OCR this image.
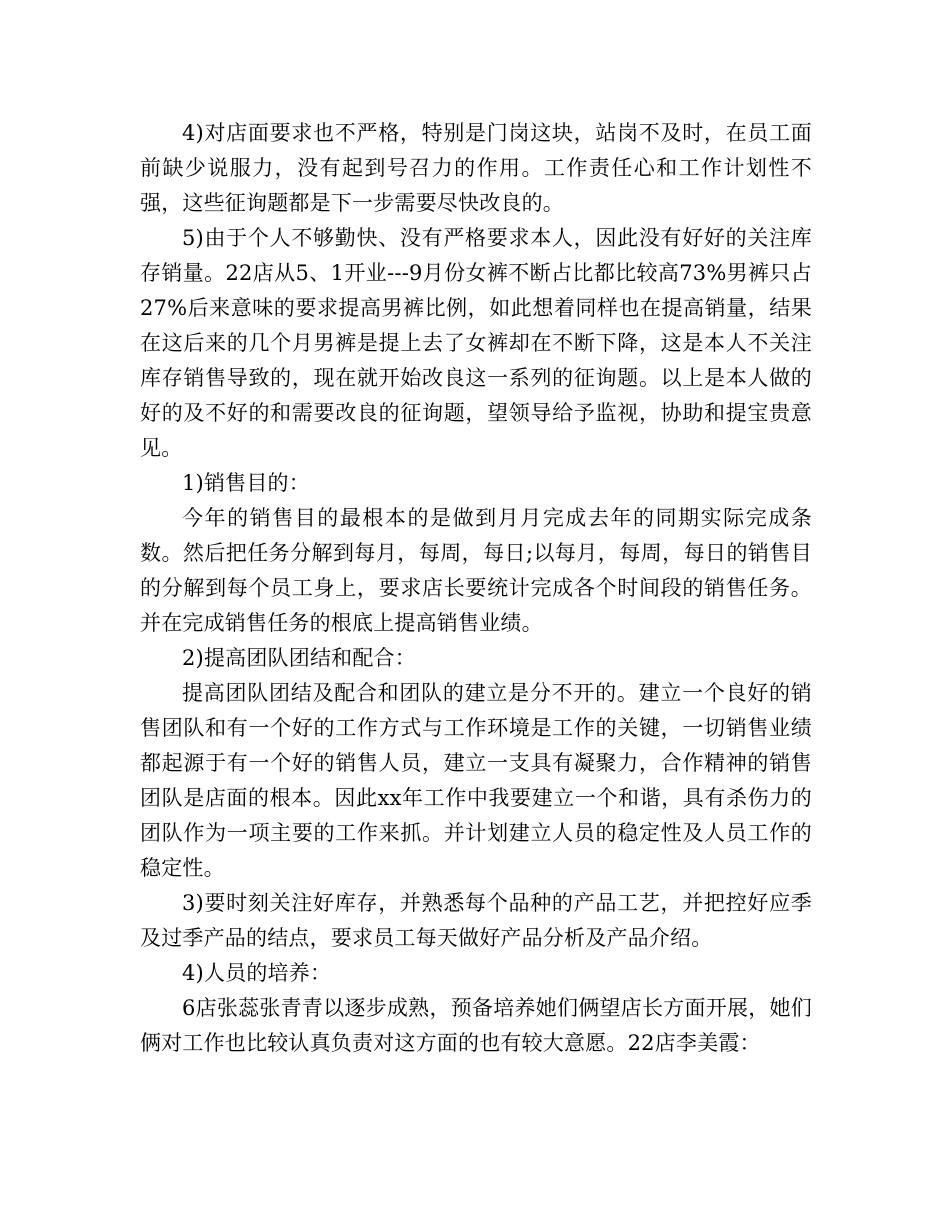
4)对店面要求也不严格，特别是门岗这块，站岗不及时，在员工面前缺少说服力，没有起到号召力的作用。工作责任心和工作计划性不强，这些征询题都是下一步需要尽快改良的。

5)由于个人不够勤快、没有严格要求本人，因此没有好好的关注库存销量。22店从5、1开业---9月份女裤不断占比都比较高73%男裤只占27%后来意味的要求提高男裤比例，如此想着同样也在提高销量，结果在这后来的几个月男裤是提上去了女裤却在不断下降，这是本人不关注库存销售导致的，现在就开始改良这一系列的征询题。以上是本人做的好的及不好的和需要改良的征询题，望领导给予监视，协助和提宝贵意见。

1)销售目的：

今年的销售目的最根本的是做到月月完成去年的同期实际完成条数。然后把任务分解到每月，每周，每日;以每月，每周，每日的销售目的分解到每个员工身上，要求店长要统计完成各个时间段的销售任务。并在完成销售任务的根底上提高销售业绩。

2)提高团队团结和配合：

提高团队团结及配合和团队的建立是分不开的。建立一个良好的销售团队和有一个好的工作方式与工作环境是工作的关键，一切销售业绩都起源于有一个好的销售人员，建立一支具有凝聚力，合作精神的销售团队是店面的根本。因此xx年工作中我要建立一个和谐，具有杀伤力的团队作为一项主要的工作来抓。并计划建立人员的稳定性及人员工作的稳定性。

3)要时刻关注好库存，并熟悉每个品种的产品工艺，并把控好应季及过季产品的结点，要求员工每天做好产品分析及产品介绍。

4)人员的培养：

6店张蕊张青青以逐步成熟，预备培养她们俩望店长方面开展，她们俩对工作也比较认真负责对这方面的也有较大意愿。22店李美霞：
